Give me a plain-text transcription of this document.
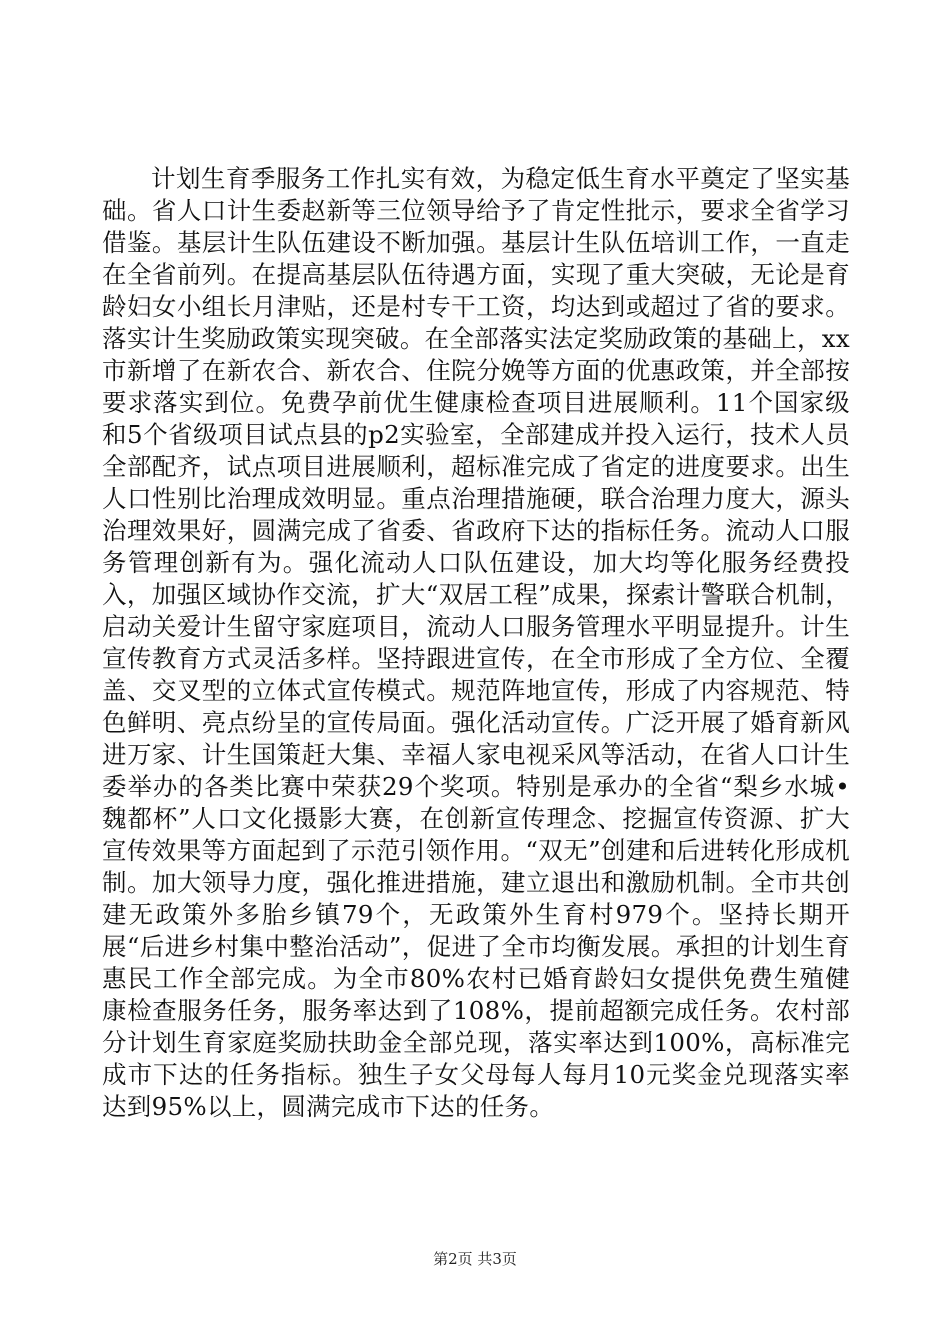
计划生育季服务工作扎实有效，为稳定低生育水平奠定了坚实基础。省人口计生委赵新等三位领导给予了肯定性批示，要求全省学习借鉴。基层计生队伍建设不断加强。基层计生队伍培训工作，一直走在全省前列。在提高基层队伍待遇方面，实现了重大突破，无论是育龄妇女小组长月津贴，还是村专干工资，均达到或超过了省的要求。落实计生奖励政策实现突破。在全部落实法定奖励政策的基础上，xx市新增了在新农合、新农合、住院分娩等方面的优惠政策，并全部按要求落实到位。免费孕前优生健康检查项目进展顺利。11个国家级和5个省级项目试点县的p2实验室，全部建成并投入运行，技术人员全部配齐，试点项目进展顺利，超标准完成了省定的进度要求。出生人口性别比治理成效明显。重点治理措施硬，联合治理力度大，源头治理效果好，圆满完成了省委、省政府下达的指标任务。流动人口服务管理创新有为。强化流动人口队伍建设，加大均等化服务经费投入，加强区域协作交流，扩大“双居工程”成果，探索计警联合机制，启动关爱计生留守家庭项目，流动人口服务管理水平明显提升。计生宣传教育方式灵活多样。坚持跟进宣传，在全市形成了全方位、全覆盖、交叉型的立体式宣传模式。规范阵地宣传，形成了内容规范、特色鲜明、亮点纷呈的宣传局面。强化活动宣传。广泛开展了婚育新风进万家、计生国策赶大集、幸福人家电视采风等活动，在省人口计生委举办的各类比赛中荣获29个奖项。特别是承办的全省“梨乡水城•魏都杯”人口文化摄影大赛，在创新宣传理念、挖掘宣传资源、扩大宣传效果等方面起到了示范引领作用。“双无”创建和后进转化形成机制。加大领导力度，强化推进措施，建立退出和激励机制。全市共创建无政策外多胎乡镇79个，无政策外生育村979个。坚持长期开展“后进乡村集中整治活动”，促进了全市均衡发展。承担的计划生育惠民工作全部完成。为全市80%农村已婚育龄妇女提供免费生殖健康检查服务任务，服务率达到了108%，提前超额完成任务。农村部分计划生育家庭奖励扶助金全部兑现，落实率达到100%，高标准完成市下达的任务指标。独生子女父母每人每月10元奖金兑现落实率达到95%以上，圆满完成市下达的任务。

第2页 共3页
